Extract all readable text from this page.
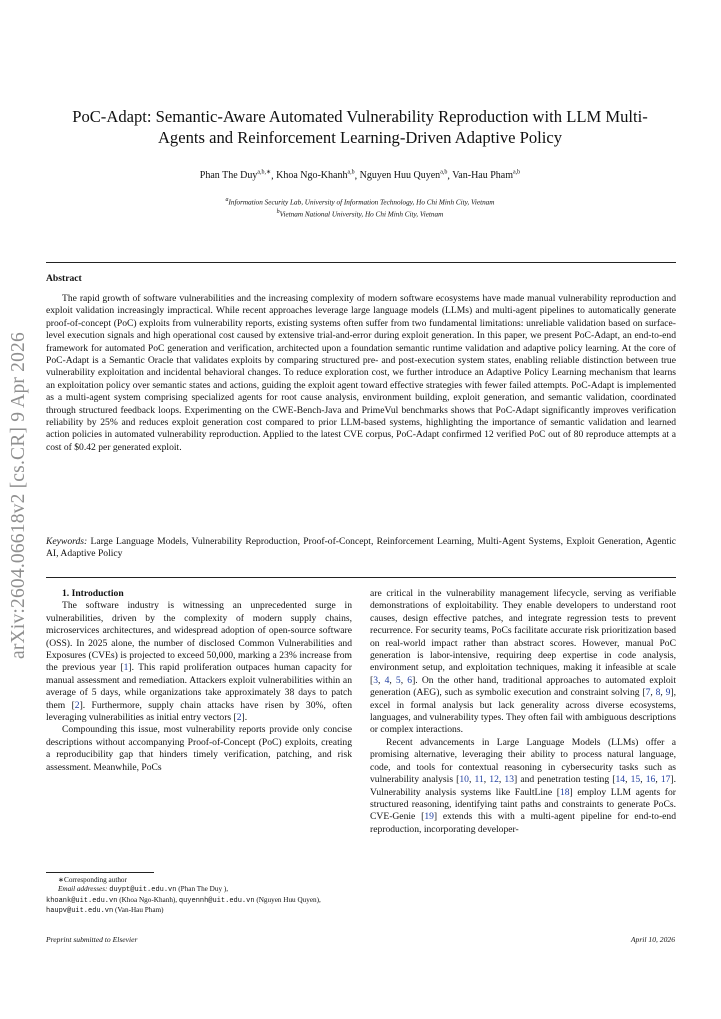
arXiv:2604.06618v2 [cs.CR] 9 Apr 2026
PoC-Adapt: Semantic-Aware Automated Vulnerability Reproduction with LLM Multi-Agents and Reinforcement Learning-Driven Adaptive Policy
Phan The Duy$^{a,b,∗}$, Khoa Ngo-Khanh$^{a,b}$, Nguyen Huu Quyen$^{a,b}$, Van-Hau Pham$^{a,b}$
$^a$Information Security Lab, University of Information Technology, Ho Chi Minh City, Vietnam
$^b$Vietnam National University, Ho Chi Minh City, Vietnam
Abstract
The rapid growth of software vulnerabilities and the increasing complexity of modern software ecosystems have made manual vulnerability reproduction and exploit validation increasingly impractical. While recent approaches leverage large language models (LLMs) and multi-agent pipelines to automatically generate proof-of-concept (PoC) exploits from vulnerability reports, existing systems often suffer from two fundamental limitations: unreliable validation based on surface-level execution signals and high operational cost caused by extensive trial-and-error during exploit generation. In this paper, we present PoC-Adapt, an end-to-end framework for automated PoC generation and verification, architected upon a foundation semantic runtime validation and adaptive policy learning. At the core of PoC-Adapt is a Semantic Oracle that validates exploits by comparing structured pre- and post-execution system states, enabling reliable distinction between true vulnerability exploitation and incidental behavioral changes. To reduce exploration cost, we further introduce an Adaptive Policy Learning mechanism that learns an exploitation policy over semantic states and actions, guiding the exploit agent toward effective strategies with fewer failed attempts. PoC-Adapt is implemented as a multi-agent system comprising specialized agents for root cause analysis, environment building, exploit generation, and semantic validation, coordinated through structured feedback loops. Experimenting on the CWE-Bench-Java and PrimeVul benchmarks shows that PoC-Adapt significantly improves verification reliability by 25% and reduces exploit generation cost compared to prior LLM-based systems, highlighting the importance of semantic validation and learned action policies in automated vulnerability reproduction. Applied to the latest CVE corpus, PoC-Adapt confirmed 12 verified PoC out of 80 reproduce attempts at a cost of $0.42 per generated exploit.
Keywords: Large Language Models, Vulnerability Reproduction, Proof-of-Concept, Reinforcement Learning, Multi-Agent Systems, Exploit Generation, Agentic AI, Adaptive Policy

1. Introduction

The software industry is witnessing an unprecedented surge in vulnerabilities, driven by the complexity of modern supply chains, microservices architectures, and widespread adoption of open-source software (OSS). In 2025 alone, the number of disclosed Common Vulnerabilities and Exposures (CVEs) is projected to exceed 50,000, marking a 23% increase from the previous year [1]. This rapid proliferation outpaces human capacity for manual assessment and remediation. Attackers exploit vulnerabilities within an average of 5 days, while organizations take approximately 38 days to patch them [2]. Furthermore, supply chain attacks have risen by 30%, often leveraging vulnerabilities as initial entry vectors [2].

Compounding this issue, most vulnerability reports provide only concise descriptions without accompanying Proof-of-Concept (PoC) exploits, creating a reproducibility gap that hinders timely verification, patching, and risk assessment. Meanwhile, PoCs

are critical in the vulnerability management lifecycle, serving as verifiable demonstrations of exploitability. They enable developers to understand root causes, design effective patches, and integrate regression tests to prevent recurrence. For security teams, PoCs facilitate accurate risk prioritization based on real-world impact rather than abstract scores. However, manual PoC generation is labor-intensive, requiring deep expertise in code analysis, environment setup, and exploitation techniques, making it infeasible at scale [3, 4, 5, 6]. On the other hand, traditional approaches to automated exploit generation (AEG), such as symbolic execution and constraint solving [7, 8, 9], excel in formal analysis but lack generality across diverse ecosystems, languages, and vulnerability types. They often fail with ambiguous descriptions or complex interactions.

Recent advancements in Large Language Models (LLMs) offer a promising alternative, leveraging their ability to process natural language, code, and tools for contextual reasoning in cybersecurity tasks such as vulnerability analysis [10, 11, 12, 13] and penetration testing [14, 15, 16, 17]. Vulnerability analysis systems like FaultLine [18] employ LLM agents for structured reasoning, identifying taint paths and constraints to generate PoCs. CVE-Genie [19] extends this with a multi-agent pipeline for end-to-end reproduction, incorporating developer-

∗Corresponding author
Email addresses: duypt@uit.edu.vn (Phan The Duy ),
khoank@uit.edu.vn (Khoa Ngo-Khanh), quyennh@uit.edu.vn (Nguyen Huu Quyen), haupv@uit.edu.vn (Van-Hau Pham)
Preprint submitted to Elsevier	April 10, 2026
